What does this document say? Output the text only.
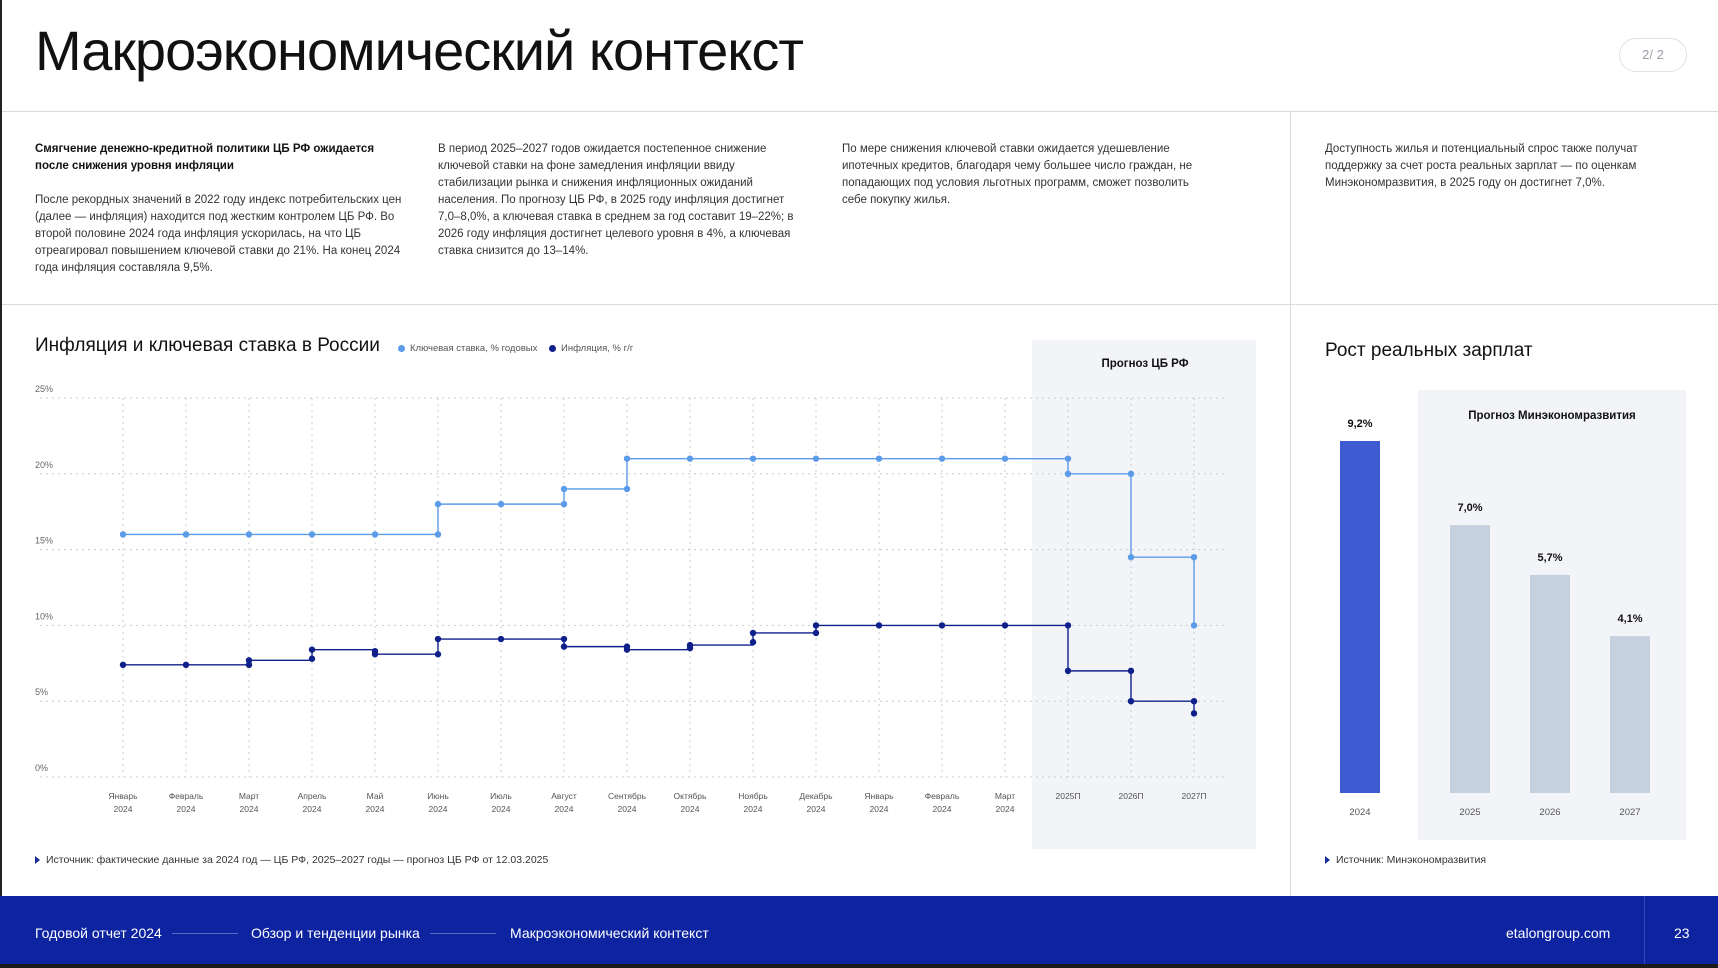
Макроэкономический контекст	2/ 2

Смягчение денежно-кредитной политики ЦБ РФ ожидается после снижения уровня инфляции

После рекордных значений в 2022 году индекс потребительских цен (далее — инфляция) находится под жестким контролем ЦБ РФ. Во второй половине 2024 года инфляция ускорилась, на что ЦБ отреагировал повышением ключевой ставки до 21%. На конец 2024 года инфляция составляла 9,5%.

В период 2025–2027 годов ожидается постепенное снижение ключевой ставки на фоне замедления инфляции ввиду стабилизации рынка и снижения инфляционных ожиданий населения. По прогнозу ЦБ РФ, в 2025 году инфляция достигнет 7,0–8,0%, а ключевая ставка в среднем за год составит 19–22%; в 2026 году инфляция достигнет целевого уровня в 4%, а ключевая ставка снизится до 13–14%.

По мере снижения ключевой ставки ожидается удешевление ипотечных кредитов, благодаря чему большее число граждан, не попадающих под условия льготных программ, сможет позволить себе покупку жилья.

Доступность жилья и потенциальный спрос также получат поддержку за счет роста реальных зарплат — по оценкам Минэкономразвития, в 2025 году он достигнет 7,0%.

Инфляция и ключевая ставка в России	Ключевая ставка, % годовых Инфляция, % г/г
Прогноз ЦБ РФ
0%
5%
10%
15%
20%
25%
Январь
2024
Февраль
2024
Март
2024
Апрель
2024
Май
2024
Июнь
2024
Июль
2024
Август
2024
Сентябрь
2024
Октябрь
2024
Ноябрь
2024
Декабрь
2024
Январь
2024
Февраль
2024
Март
2024
2025П	2026П	2027П
Источник: фактические данные за 2024 год — ЦБ РФ, 2025–2027 годы — прогноз ЦБ РФ от 12.03.2025
Рост реальных зарплат
Прогноз Минэкономразвития
9,2%
2024
7,0%
2025
5,7%
2026
4,1%
2027
Источник: Минэкономразвития
Годовой отчет 2024	Обзор и тенденции рынка	Макроэкономический контекст	etalongroup.com	23
